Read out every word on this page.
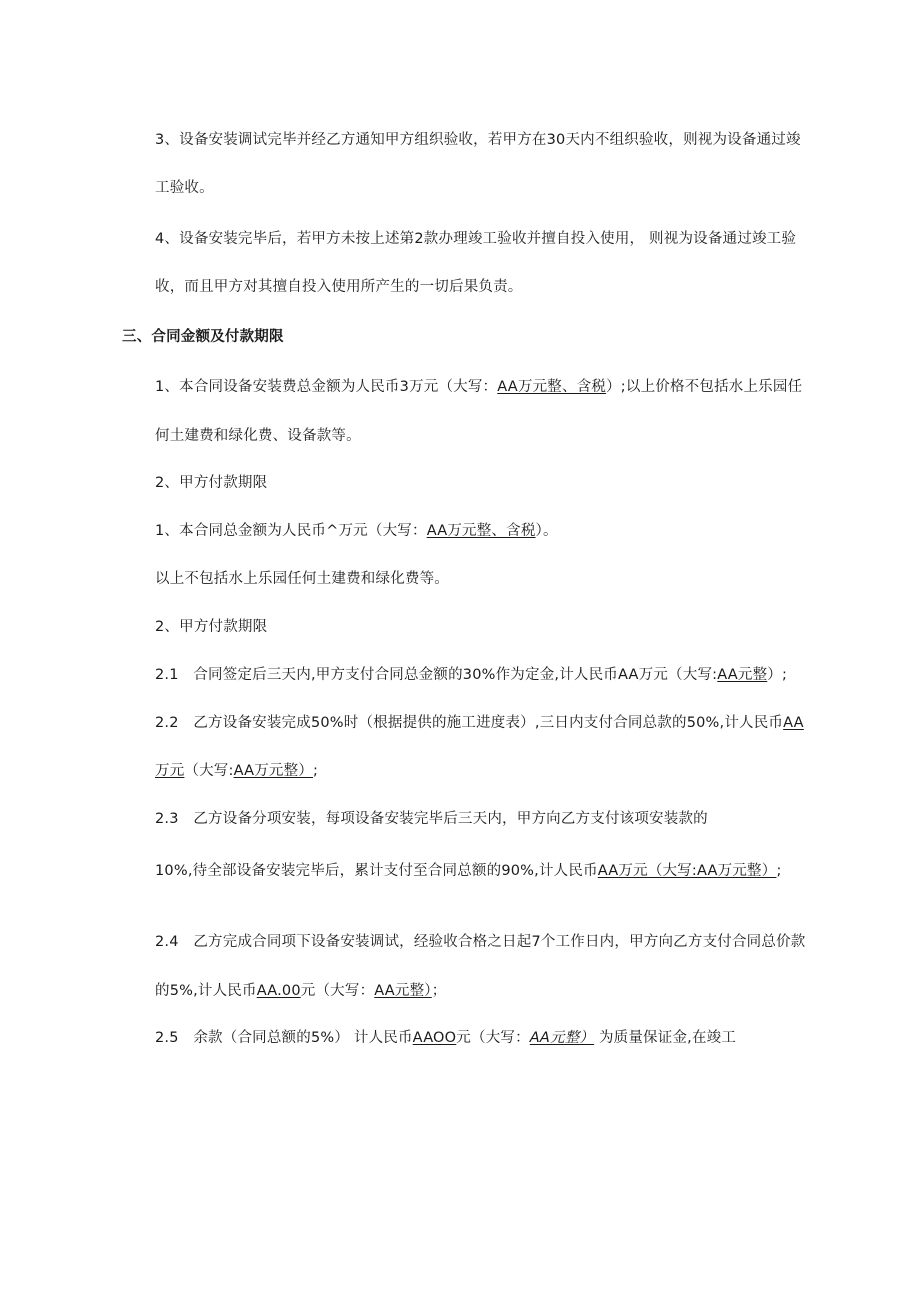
3、设备安装调试完毕并经乙方通知甲方组织验收，若甲方在30天内不组织验收，则视为设备通过竣
工验收。
4、设备安装完毕后，若甲方未按上述第2款办理竣工验收并擅自投入使用， 则视为设备通过竣工验
收，而且甲方对其擅自投入使用所产生的一切后果负责。
三、合同金额及付款期限
1、本合同设备安装费总金额为人民币3万元（大写：AA万元整、含税）;以上价格不包括水上乐园任
何土建费和绿化费、设备款等。
2、甲方付款期限
1、本合同总金额为人民币^万元（大写：AA万元整、含税）。
以上不包括水上乐园任何土建费和绿化费等。
2、甲方付款期限
2.1　合同签定后三天内,甲方支付合同总金额的30%作为定金,计人民币AA万元（大写:AA元整）;
2.2　乙方设备安装完成50%时（根据提供的施工进度表）,三日内支付合同总款的50%,计人民币AA
万元（大写:AA万元整）;
2.3　乙方设备分项安装，每项设备安装完毕后三天内，甲方向乙方支付该项安装款的
10%,待全部设备安装完毕后，累计支付至合同总额的90%,计人民币AA万元（大写:AA万元整）;
2.4　乙方完成合同项下设备安装调试，经验收合格之日起7个工作日内，甲方向乙方支付合同总价款
的5%,计人民币AA.00元（大写：AA元整）；
2.5　余款（合同总额的5%） 计人民币AAOO元（大写：AA元整） 为质量保证金,在竣工
